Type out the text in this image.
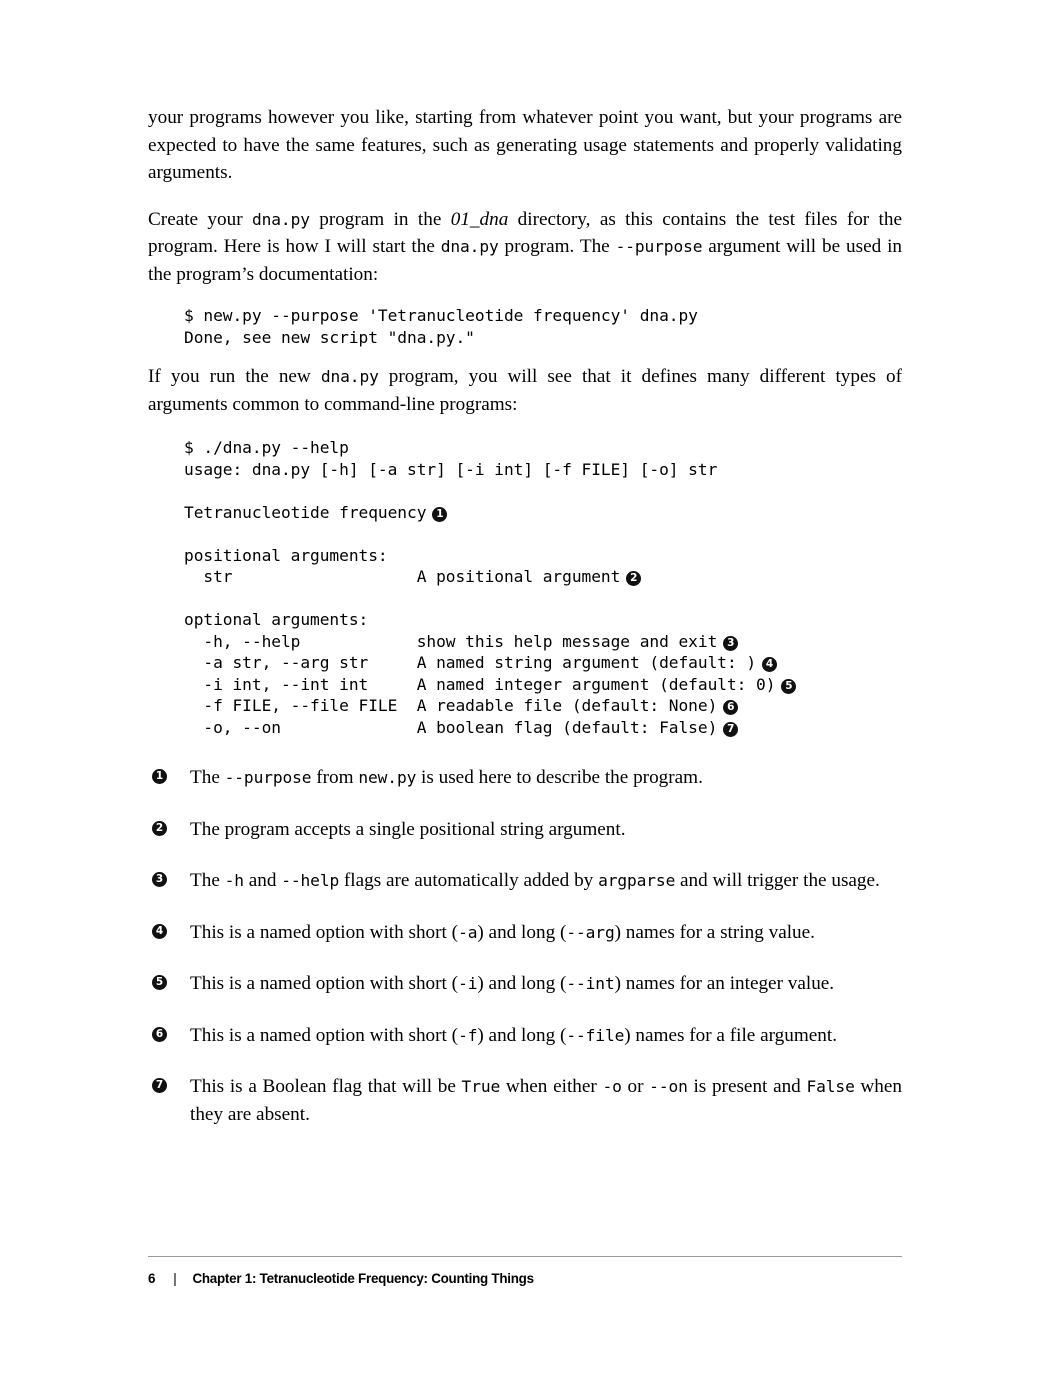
your programs however you like, starting from whatever point you want, but your programs are expected to have the same features, such as generating usage statements and properly validating arguments.

Create your dna.py program in the 01_dna directory, as this contains the test files for the program. Here is how I will start the dna.py program. The --purpose argument will be used in the program’s documentation:

$ new.py --purpose 'Tetranucleotide frequency' dna.py
Done, see new script "dna.py."

If you run the new dna.py program, you will see that it defines many different types of arguments common to command-line programs:

$ ./dna.py --help
usage: dna.py [-h] [-a str] [-i int] [-f FILE] [-o] str
Tetranucleotide frequency 1
positional arguments:
str                   A positional argument 2
optional arguments:
-h, --help            show this help message and exit 3
-a str, --arg str     A named string argument (default: ) 4
-i int, --int int     A named integer argument (default: 0) 5
-f FILE, --file FILE  A readable file (default: None) 6
-o, --on              A boolean flag (default: False) 7
1 The --purpose from new.py is used here to describe the program.
2 The program accepts a single positional string argument.
3 The -h and --help flags are automatically added by argparse and will trigger the usage.
4 This is a named option with short (-a) and long (--arg) names for a string value.
5 This is a named option with short (-i) and long (--int) names for an integer value.
6 This is a named option with short (-f) and long (--file) names for a file argument.
7 This is a Boolean flag that will be True when either -o or --on is present and False when they are absent.
6 | Chapter 1: Tetranucleotide Frequency: Counting Things
